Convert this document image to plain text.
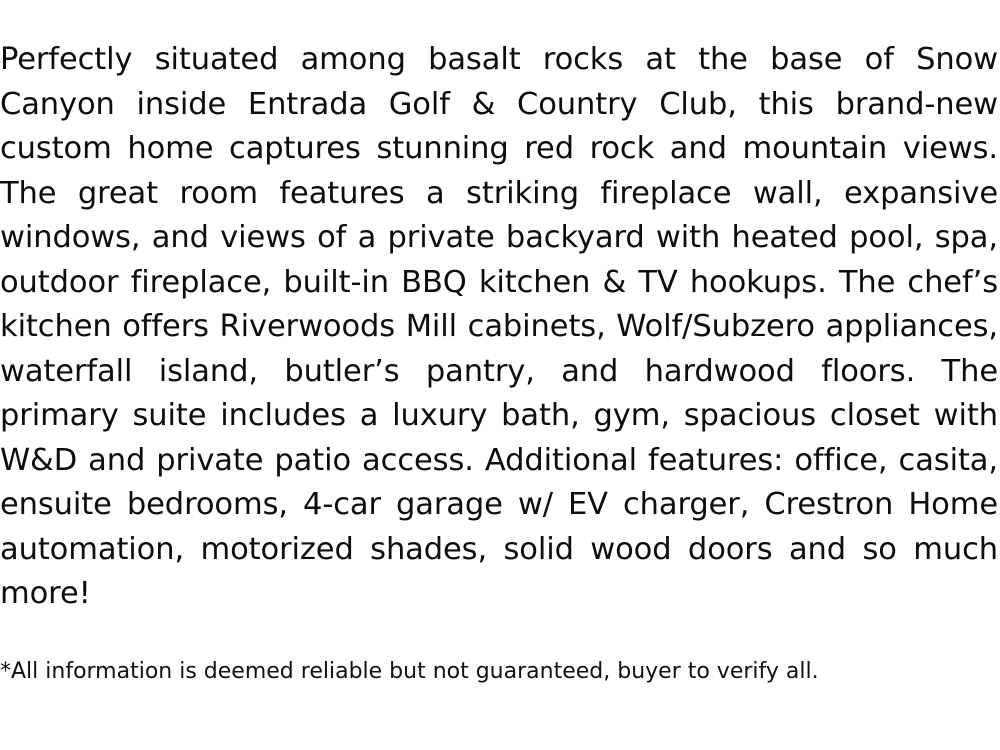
Perfectly situated among basalt rocks at the base of Snow Canyon inside Entrada Golf & Country Club, this brand-new custom home captures stunning red rock and mountain views. The great room features a striking fireplace wall, expansive windows, and views of a private backyard with heated pool, spa, outdoor fireplace, built-in BBQ kitchen & TV hookups. The chef’s kitchen offers Riverwoods Mill cabinets, Wolf/Subzero appliances, waterfall island, butler’s pantry, and hardwood floors. The primary suite includes a luxury bath, gym, spacious closet with W&D and private patio access. Additional features: office, casita, ensuite bedrooms, 4-car garage w/ EV charger, Crestron Home automation, motorized shades, solid wood doors and so much more!

*All information is deemed reliable but not guaranteed, buyer to verify all.
